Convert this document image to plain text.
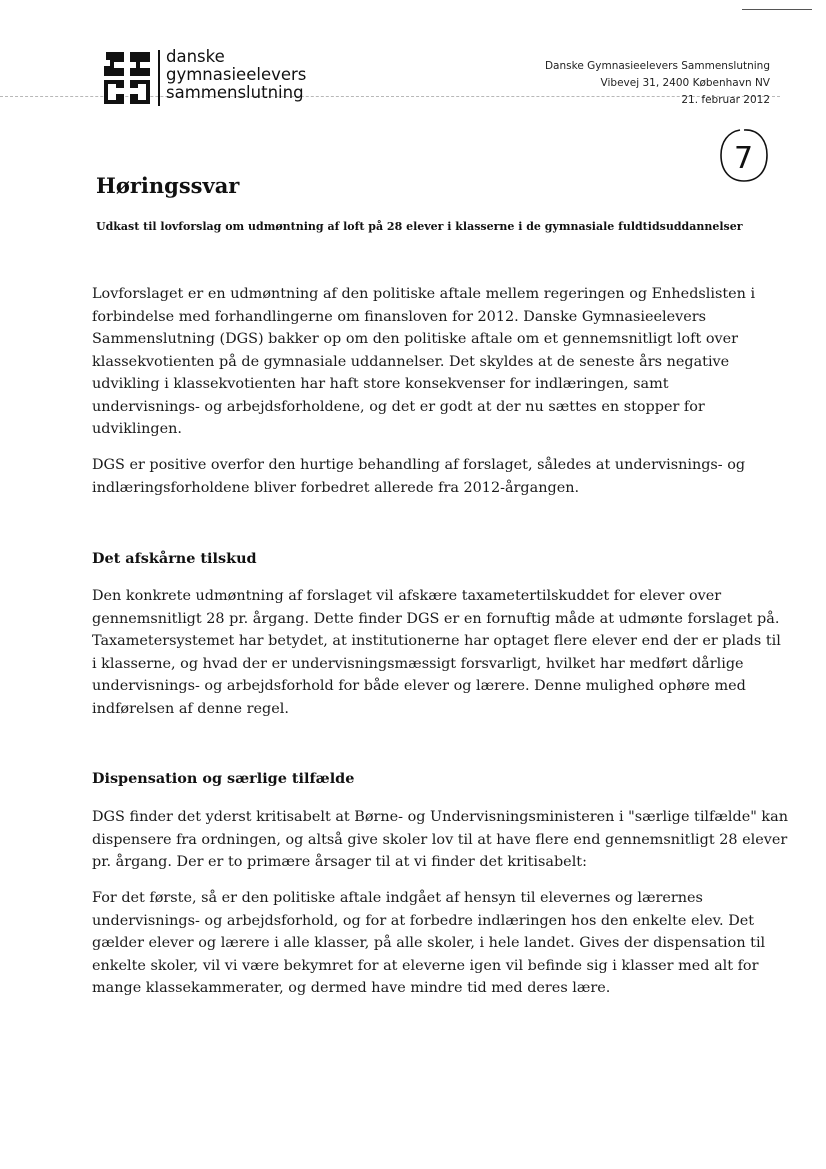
danske
gymnasieelevers
sammenslutning
Danske Gymnasieelevers Sammenslutning
Vibevej 31, 2400 København NV
21. februar 2012
7
Høringssvar
Udkast til lovforslag om udmøntning af loft på 28 elever i klasserne i de gymnasiale fuldtidsuddannelser
Lovforslaget er en udmøntning af den politiske aftale mellem regeringen og Enhedslisten i
forbindelse med forhandlingerne om finansloven for 2012. Danske Gymnasieelevers
Sammenslutning (DGS) bakker op om den politiske aftale om et gennemsnitligt loft over
klassekvotienten på de gymnasiale uddannelser. Det skyldes at de seneste års negative
udvikling i klassekvotienten har haft store konsekvenser for indlæringen, samt
undervisnings- og arbejdsforholdene, og det er godt at der nu sættes en stopper for
udviklingen.
DGS er positive overfor den hurtige behandling af forslaget, således at undervisnings- og
indlæringsforholdene bliver forbedret allerede fra 2012-årgangen.
Det afskårne tilskud
Den konkrete udmøntning af forslaget vil afskære taxametertilskuddet for elever over
gennemsnitligt 28 pr. årgang. Dette finder DGS er en fornuftig måde at udmønte forslaget på.
Taxametersystemet har betydet, at institutionerne har optaget flere elever end der er plads til
i klasserne, og hvad der er undervisningsmæssigt forsvarligt, hvilket har medført dårlige
undervisnings- og arbejdsforhold for både elever og lærere. Denne mulighed ophøre med
indførelsen af denne regel.
Dispensation og særlige tilfælde
DGS finder det yderst kritisabelt at Børne- og Undervisningsministeren i "særlige tilfælde" kan
dispensere fra ordningen, og altså give skoler lov til at have flere end gennemsnitligt 28 elever
pr. årgang. Der er to primære årsager til at vi finder det kritisabelt:
For det første, så er den politiske aftale indgået af hensyn til elevernes og lærernes
undervisnings- og arbejdsforhold, og for at forbedre indlæringen hos den enkelte elev. Det
gælder elever og lærere i alle klasser, på alle skoler, i hele landet. Gives der dispensation til
enkelte skoler, vil vi være bekymret for at eleverne igen vil befinde sig i klasser med alt for
mange klassekammerater, og dermed have mindre tid med deres lære.
